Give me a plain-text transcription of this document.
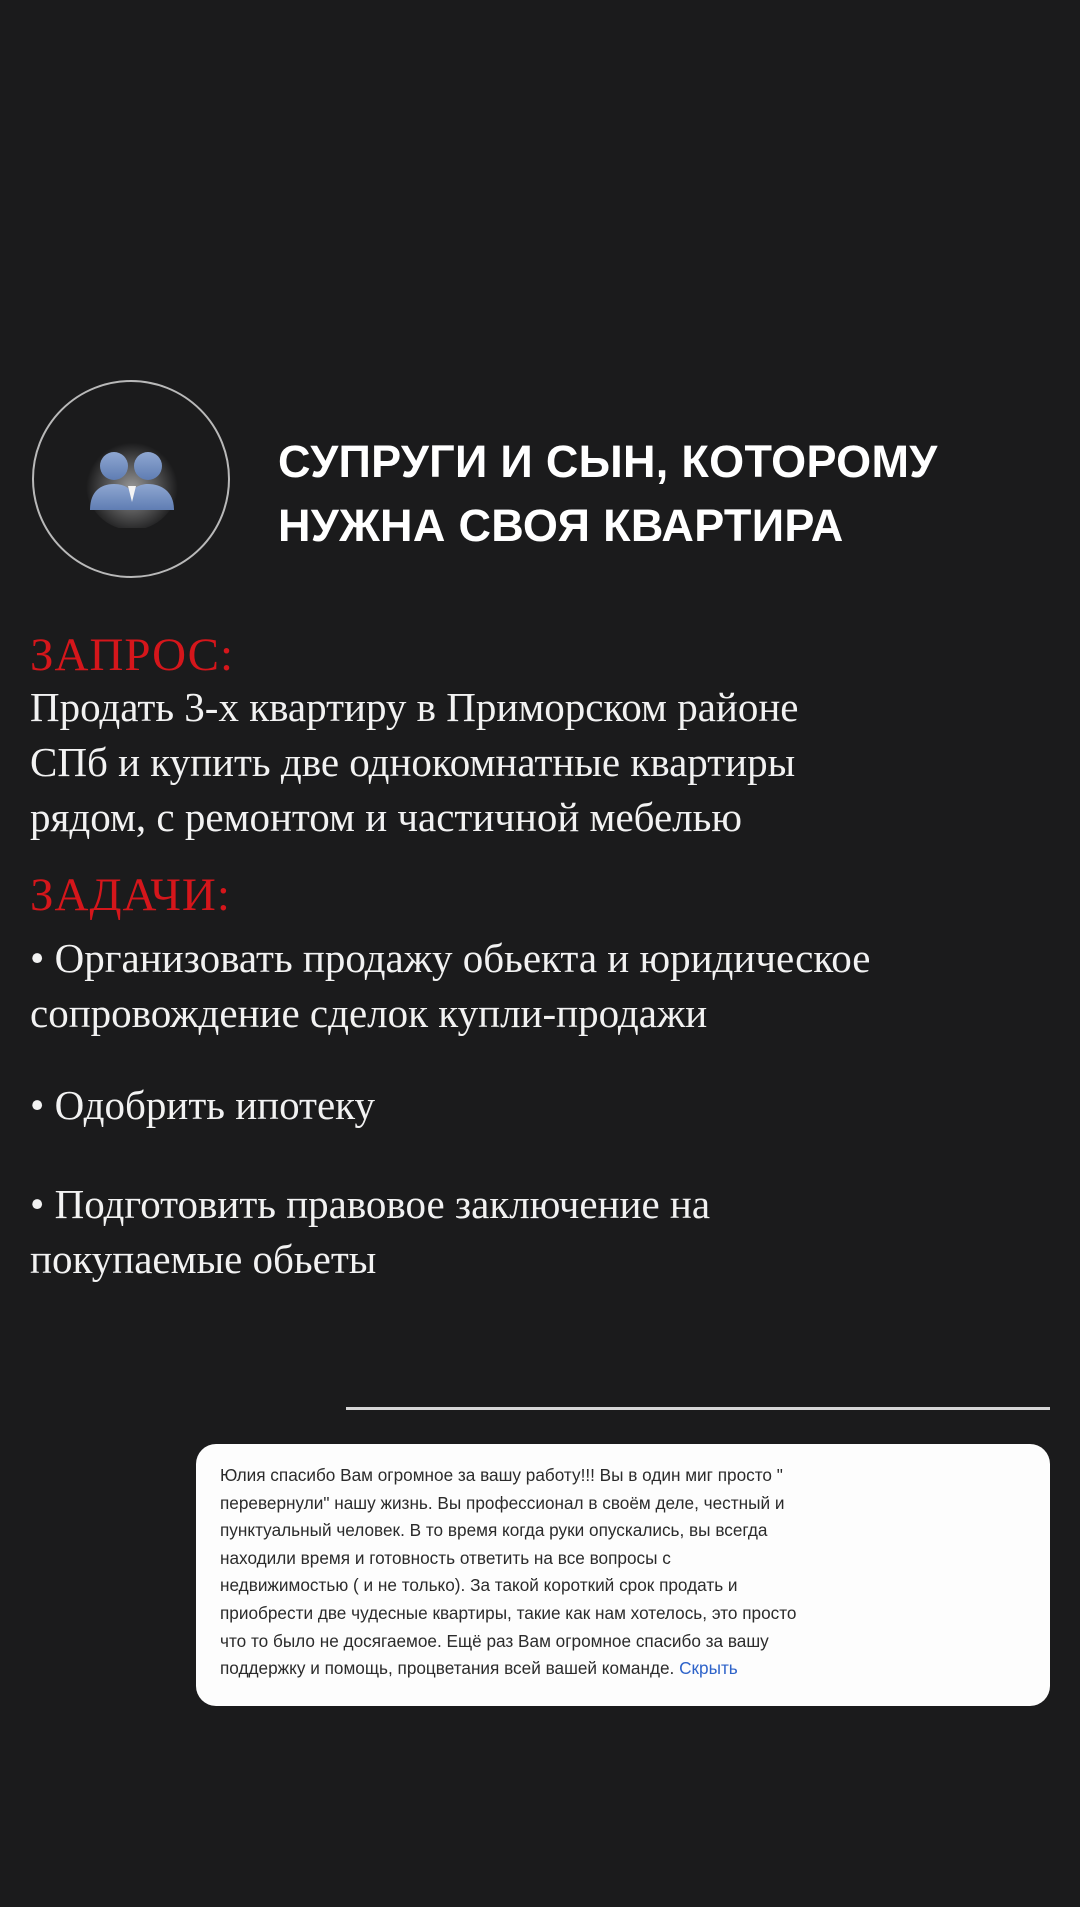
СУПРУГИ И СЫН, КОТОРОМУ
НУЖНА СВОЯ КВАРТИРА
ЗАПРОС:

Продать 3-х квартиру в Приморском районе
СПб и купить две однокомнатные квартиры
рядом, с ремонтом и частичной мебелью

ЗАДАЧИ:

• Организовать продажу обьекта и юридическое
сопровождение сделок купли-продажи

• Одобрить ипотеку

• Подготовить правовое заключение на
покупаемые обьеты

Юлия спасибо Вам огромное за вашу работу!!! Вы в один миг просто "
перевернули" нашу жизнь. Вы профессионал в своём деле, честный и
пунктуальный человек. В то время когда руки опускались, вы всегда
находили время и готовность ответить на все вопросы с
недвижимостью ( и не только). За такой короткий срок продать и
приобрести две чудесные квартиры, такие как нам хотелось, это просто
что то было не досягаемое. Ещё раз Вам огромное спасибо за вашу
поддержку и помощь, процветания всей вашей команде. Скрыть
